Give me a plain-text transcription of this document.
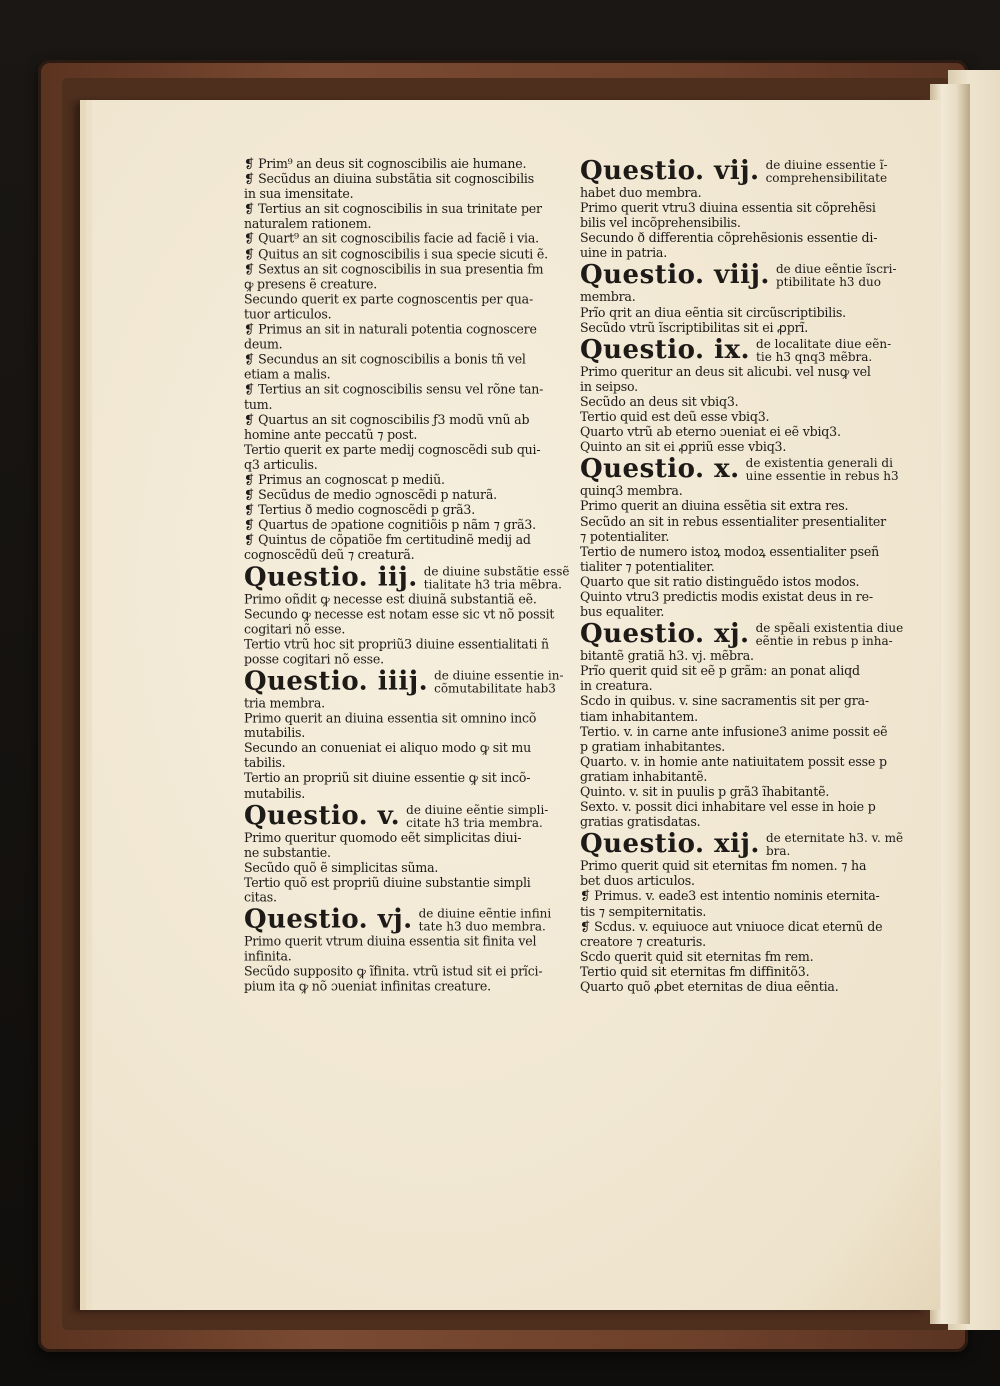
❡ Prim⁹ an deus sit cognoscibilis aie humane.
❡ Secũdus an diuina substãtia sit cognoscibilis
in sua imensitate.
❡ Tertius an sit cognoscibilis in sua trinitate per
naturalem rationem.
❡ Quart⁹ an sit cognoscibilis facie ad faciẽ i via.
❡ Quitus an sit cognoscibilis i sua specie sicuti ẽ.
❡ Sextus an sit cognoscibilis in sua presentia fm
ꝙ presens ẽ creature.
Secundo querit ex parte cognoscentis per qua-
tuor articulos.
❡ Primus an sit in naturali potentia cognoscere
deum.
❡ Secundus an sit cognoscibilis a bonis tñ vel
etiam a malis.
❡ Tertius an sit cognoscibilis sensu vel rõne tan-
tum.
❡ Quartus an sit cognoscibilis ƒ3 modũ vnũ ab
homine ante peccatũ ⁊ post.
Tertio querit ex parte medij cognoscẽdi sub qui-
q3 articulis.
❡ Primus an cognoscat p mediũ.
❡ Secũdus de medio ɔgnoscẽdi p naturã.
❡ Tertius ð medio cognoscẽdi p grã3.
❡ Quartus de ɔpatione cognitiõis p nãm ⁊ grã3.
❡ Quintus de cõpatiõe fm certitudinẽ medij ad
cognoscẽdũ deũ ⁊ creaturã.
Questio. iij. de diuine substãtie essẽ
tialitate h3 tria mẽbra.
Primo oñdit ꝙ necesse est diuinã substantiã eẽ.
Secundo ꝙ necesse est notam esse sic vt nõ possit
cogitari nõ esse.
Tertio vtrũ hoc sit propriũ3 diuine essentialitati ñ
posse cogitari nõ esse.
Questio. iiij. de diuine essentie in-
cõmutabilitate hab3
tria membra.
Primo querit an diuina essentia sit omnino incõ
mutabilis.
Secundo an conueniat ei aliquo modo ꝙ sit mu
tabilis.
Tertio an propriũ sit diuine essentie ꝙ sit incõ-
mutabilis.
Questio. v. de diuine eẽntie simpli-
citate h3 tria membra.
Primo queritur quomodo eẽt simplicitas diui-
ne substantie.
Secũdo quõ ẽ simplicitas sũma.
Tertio quõ est propriũ diuine substantie simpli
citas.
Questio. vj. de diuine eẽntie infini
tate h3 duo membra.
Primo querit vtrum diuina essentia sit finita vel
infinita.
Secũdo supposito ꝙ ĩfinita. vtrũ istud sit ei prĩci-
pium ita ꝙ nõ ɔueniat infinitas creature.
Questio. vij. de diuine essentie ĩ-
comprehensibilitate
habet duo membra.
Primo querit vtru3 diuina essentia sit cõprehẽsi
bilis vel incõprehensibilis.
Secundo ð differentia cõprehẽsionis essentie di-
uine in patria.
Questio. viij. de diue eẽntie ĩscri-
ptibilitate h3 duo
membra.
Prĩo qrit an diua eẽntia sit circũscriptibilis.
Secũdo vtrũ ĩscriptibilitas sit ei ꝓprĩ.
Questio. ix. de localitate diue eẽn-
tie h3 qnq3 mẽbra.
Primo queritur an deus sit alicubi. vel nusꝙ vel
in seipso.
Secũdo an deus sit vbiq3.
Tertio quid est deũ esse vbiq3.
Quarto vtrũ ab eterno ɔueniat ei eẽ vbiq3.
Quinto an sit ei ꝓpriũ esse vbiq3.
Questio. x. de existentia generali di
uine essentie in rebus h3
quinq3 membra.
Primo querit an diuina essẽtia sit extra res.
Secũdo an sit in rebus essentialiter presentialiter
⁊ potentialiter.
Tertio de numero istoꝝ modoꝝ essentialiter pseñ
tialiter ⁊ potentialiter.
Quarto que sit ratio distinguẽdo istos modos.
Quinto vtru3 predictis modis existat deus in re-
bus equaliter.
Questio. xj. de spẽali existentia diue
eẽntie in rebus p inha-
bitantẽ gratiã h3. vj. mẽbra.
Prĩo querit quid sit eẽ p grãm: an ponat aliqd
in creatura.
Scdo in quibus. v. sine sacramentis sit per gra-
tiam inhabitantem.
Tertio. v. in carne ante infusione3 anime possit eẽ
p gratiam inhabitantes.
Quarto. v. in homie ante natiuitatem possit esse p
gratiam inhabitantẽ.
Quinto. v. sit in puulis p grã3 ĩhabitantẽ.
Sexto. v. possit dici inhabitare vel esse in hoie p
gratias gratisdatas.
Questio. xij. de eternitate h3. v. mẽ
bra.
Primo querit quid sit eternitas fm nomen. ⁊ ha
bet duos articulos.
❡ Primus. v. eade3 est intentio nominis eternita-
tis ⁊ sempiternitatis.
❡ Scdus. v. equiuoce aut vniuoce dicat eternũ de
creatore ⁊ creaturis.
Scdo querit quid sit eternitas fm rem.
Tertio quid sit eternitas fm diffinitõ3.
Quarto quõ ꝓbet eternitas de diua eẽntia.
